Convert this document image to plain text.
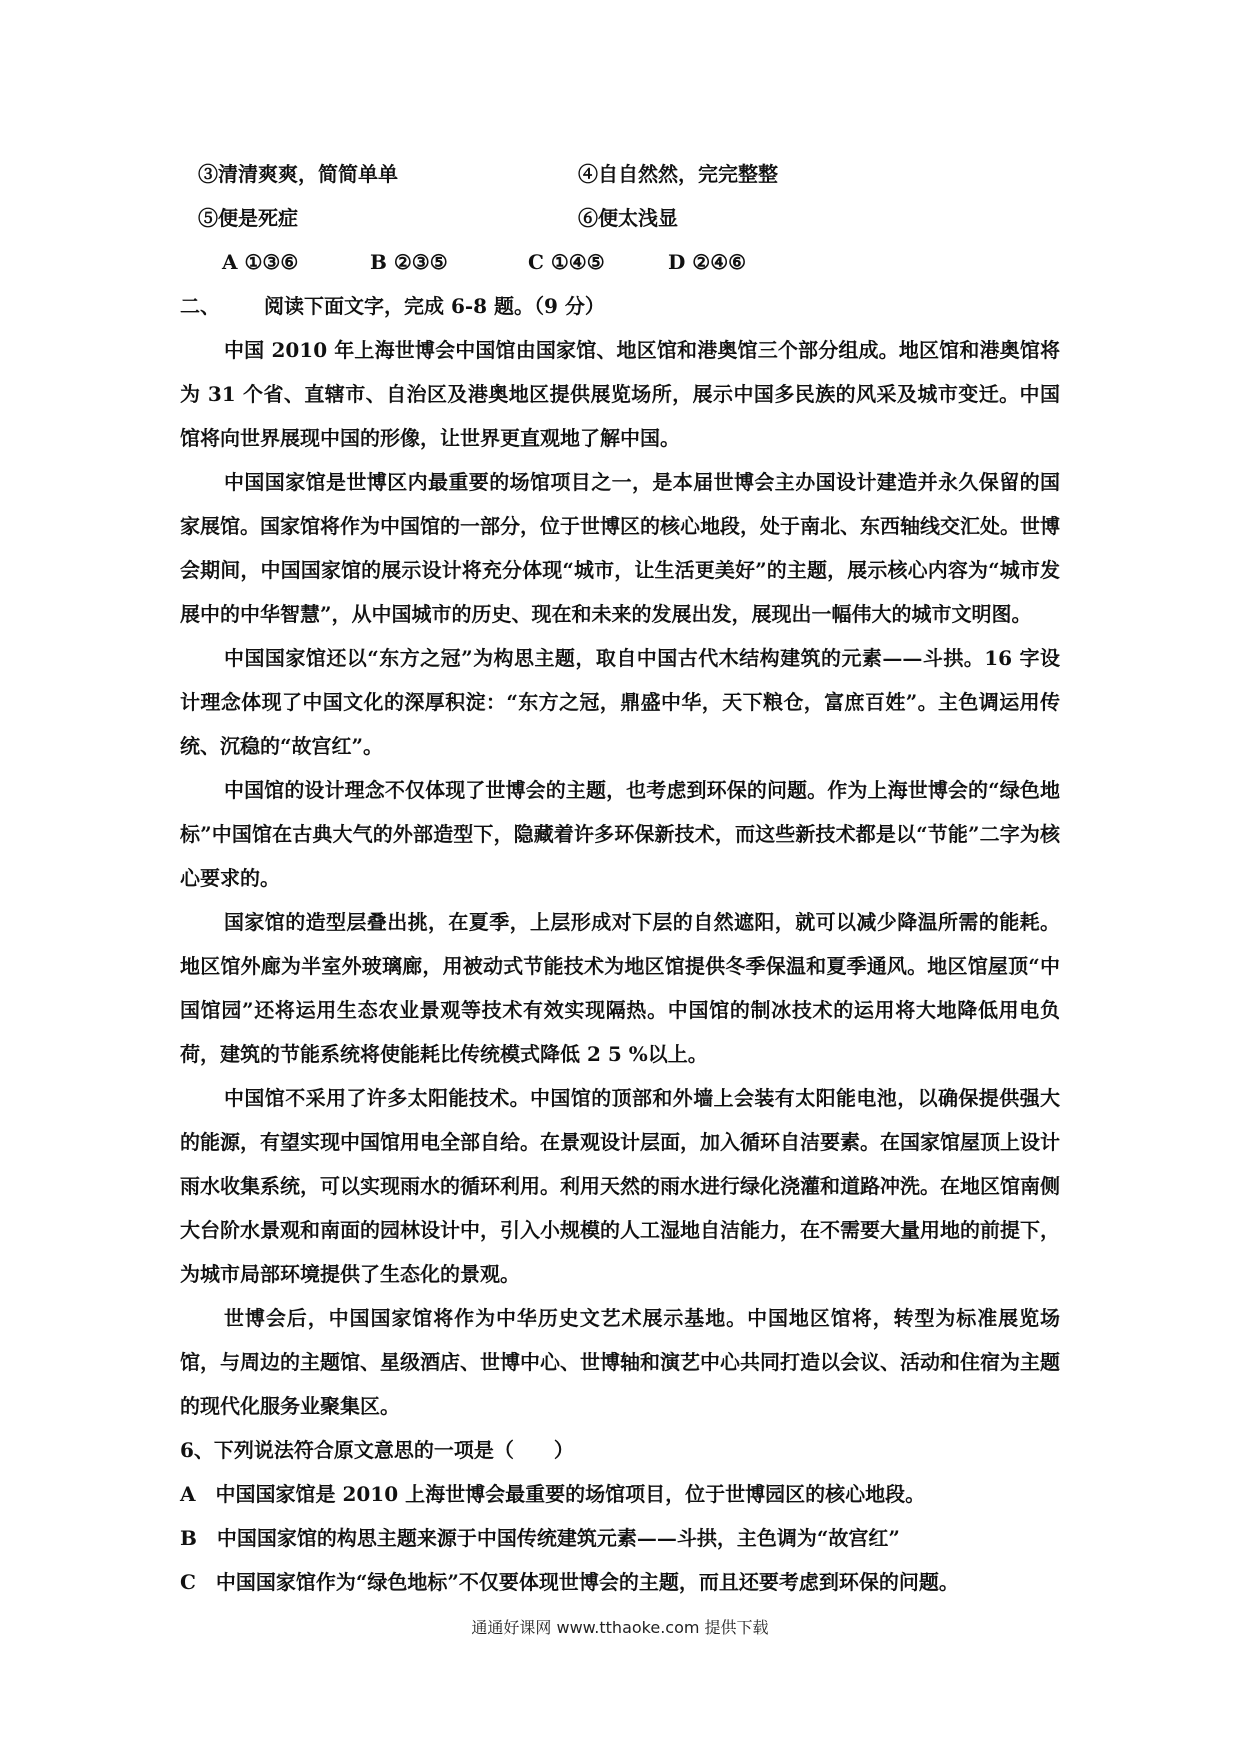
③清清爽爽，简简单单	④自自然然，完完整整
⑤便是死症	⑥便太浅显
A ①③⑥	B ②③⑤	C ①④⑤	D ②④⑥
二、 阅读下面文字，完成 6-8 题。（9 分）

中国 2010 年上海世博会中国馆由国家馆、地区馆和港奥馆三个部分组成。地区馆和港奥馆将为 31 个省、直辖市、自治区及港奥地区提供展览场所，展示中国多民族的风采及城市变迁。中国馆将向世界展现中国的形像，让世界更直观地了解中国。

中国国家馆是世博区内最重要的场馆项目之一，是本届世博会主办国设计建造并永久保留的国家展馆。国家馆将作为中国馆的一部分，位于世博区的核心地段，处于南北、东西轴线交汇处。世博会期间，中国国家馆的展示设计将充分体现“城市，让生活更美好”的主题，展示核心内容为“城市发展中的中华智慧”，从中国城市的历史、现在和未来的发展出发，展现出一幅伟大的城市文明图。

中国国家馆还以“东方之冠”为构思主题，取自中国古代木结构建筑的元素——斗拱。16 字设计理念体现了中国文化的深厚积淀：“东方之冠，鼎盛中华，天下粮仓，富庶百姓”。主色调运用传统、沉稳的“故宫红”。

中国馆的设计理念不仅体现了世博会的主题，也考虑到环保的问题。作为上海世博会的“绿色地标”中国馆在古典大气的外部造型下，隐藏着许多环保新技术，而这些新技术都是以“节能”二字为核心要求的。

国家馆的造型层叠出挑，在夏季，上层形成对下层的自然遮阳，就可以减少降温所需的能耗。地区馆外廊为半室外玻璃廊，用被动式节能技术为地区馆提供冬季保温和夏季通风。地区馆屋顶“中国馆园”还将运用生态农业景观等技术有效实现隔热。中国馆的制冰技术的运用将大地降低用电负荷，建筑的节能系统将使能耗比传统模式降低 2 5 %以上。

中国馆不采用了许多太阳能技术。中国馆的顶部和外墙上会装有太阳能电池，以确保提供强大的能源，有望实现中国馆用电全部自给。在景观设计层面，加入循环自洁要素。在国家馆屋顶上设计雨水收集系统，可以实现雨水的循环利用。利用天然的雨水进行绿化浇灌和道路冲洗。在地区馆南侧大台阶水景观和南面的园林设计中，引入小规模的人工湿地自洁能力，在不需要大量用地的前提下，为城市局部环境提供了生态化的景观。

世博会后，中国国家馆将作为中华历史文艺术展示基地。中国地区馆将，转型为标准展览场馆，与周边的主题馆、星级酒店、世博中心、世博轴和演艺中心共同打造以会议、活动和住宿为主题的现代化服务业聚集区。

6、下列说法符合原文意思的一项是（　　）

A　中国国家馆是 2010 上海世博会最重要的场馆项目，位于世博园区的核心地段。

B　中国国家馆的构思主题来源于中国传统建筑元素——斗拱，主色调为“故宫红”

C　中国国家馆作为“绿色地标”不仅要体现世博会的主题，而且还要考虑到环保的问题。

通通好课网 www.tthaoke.com 提供下载
